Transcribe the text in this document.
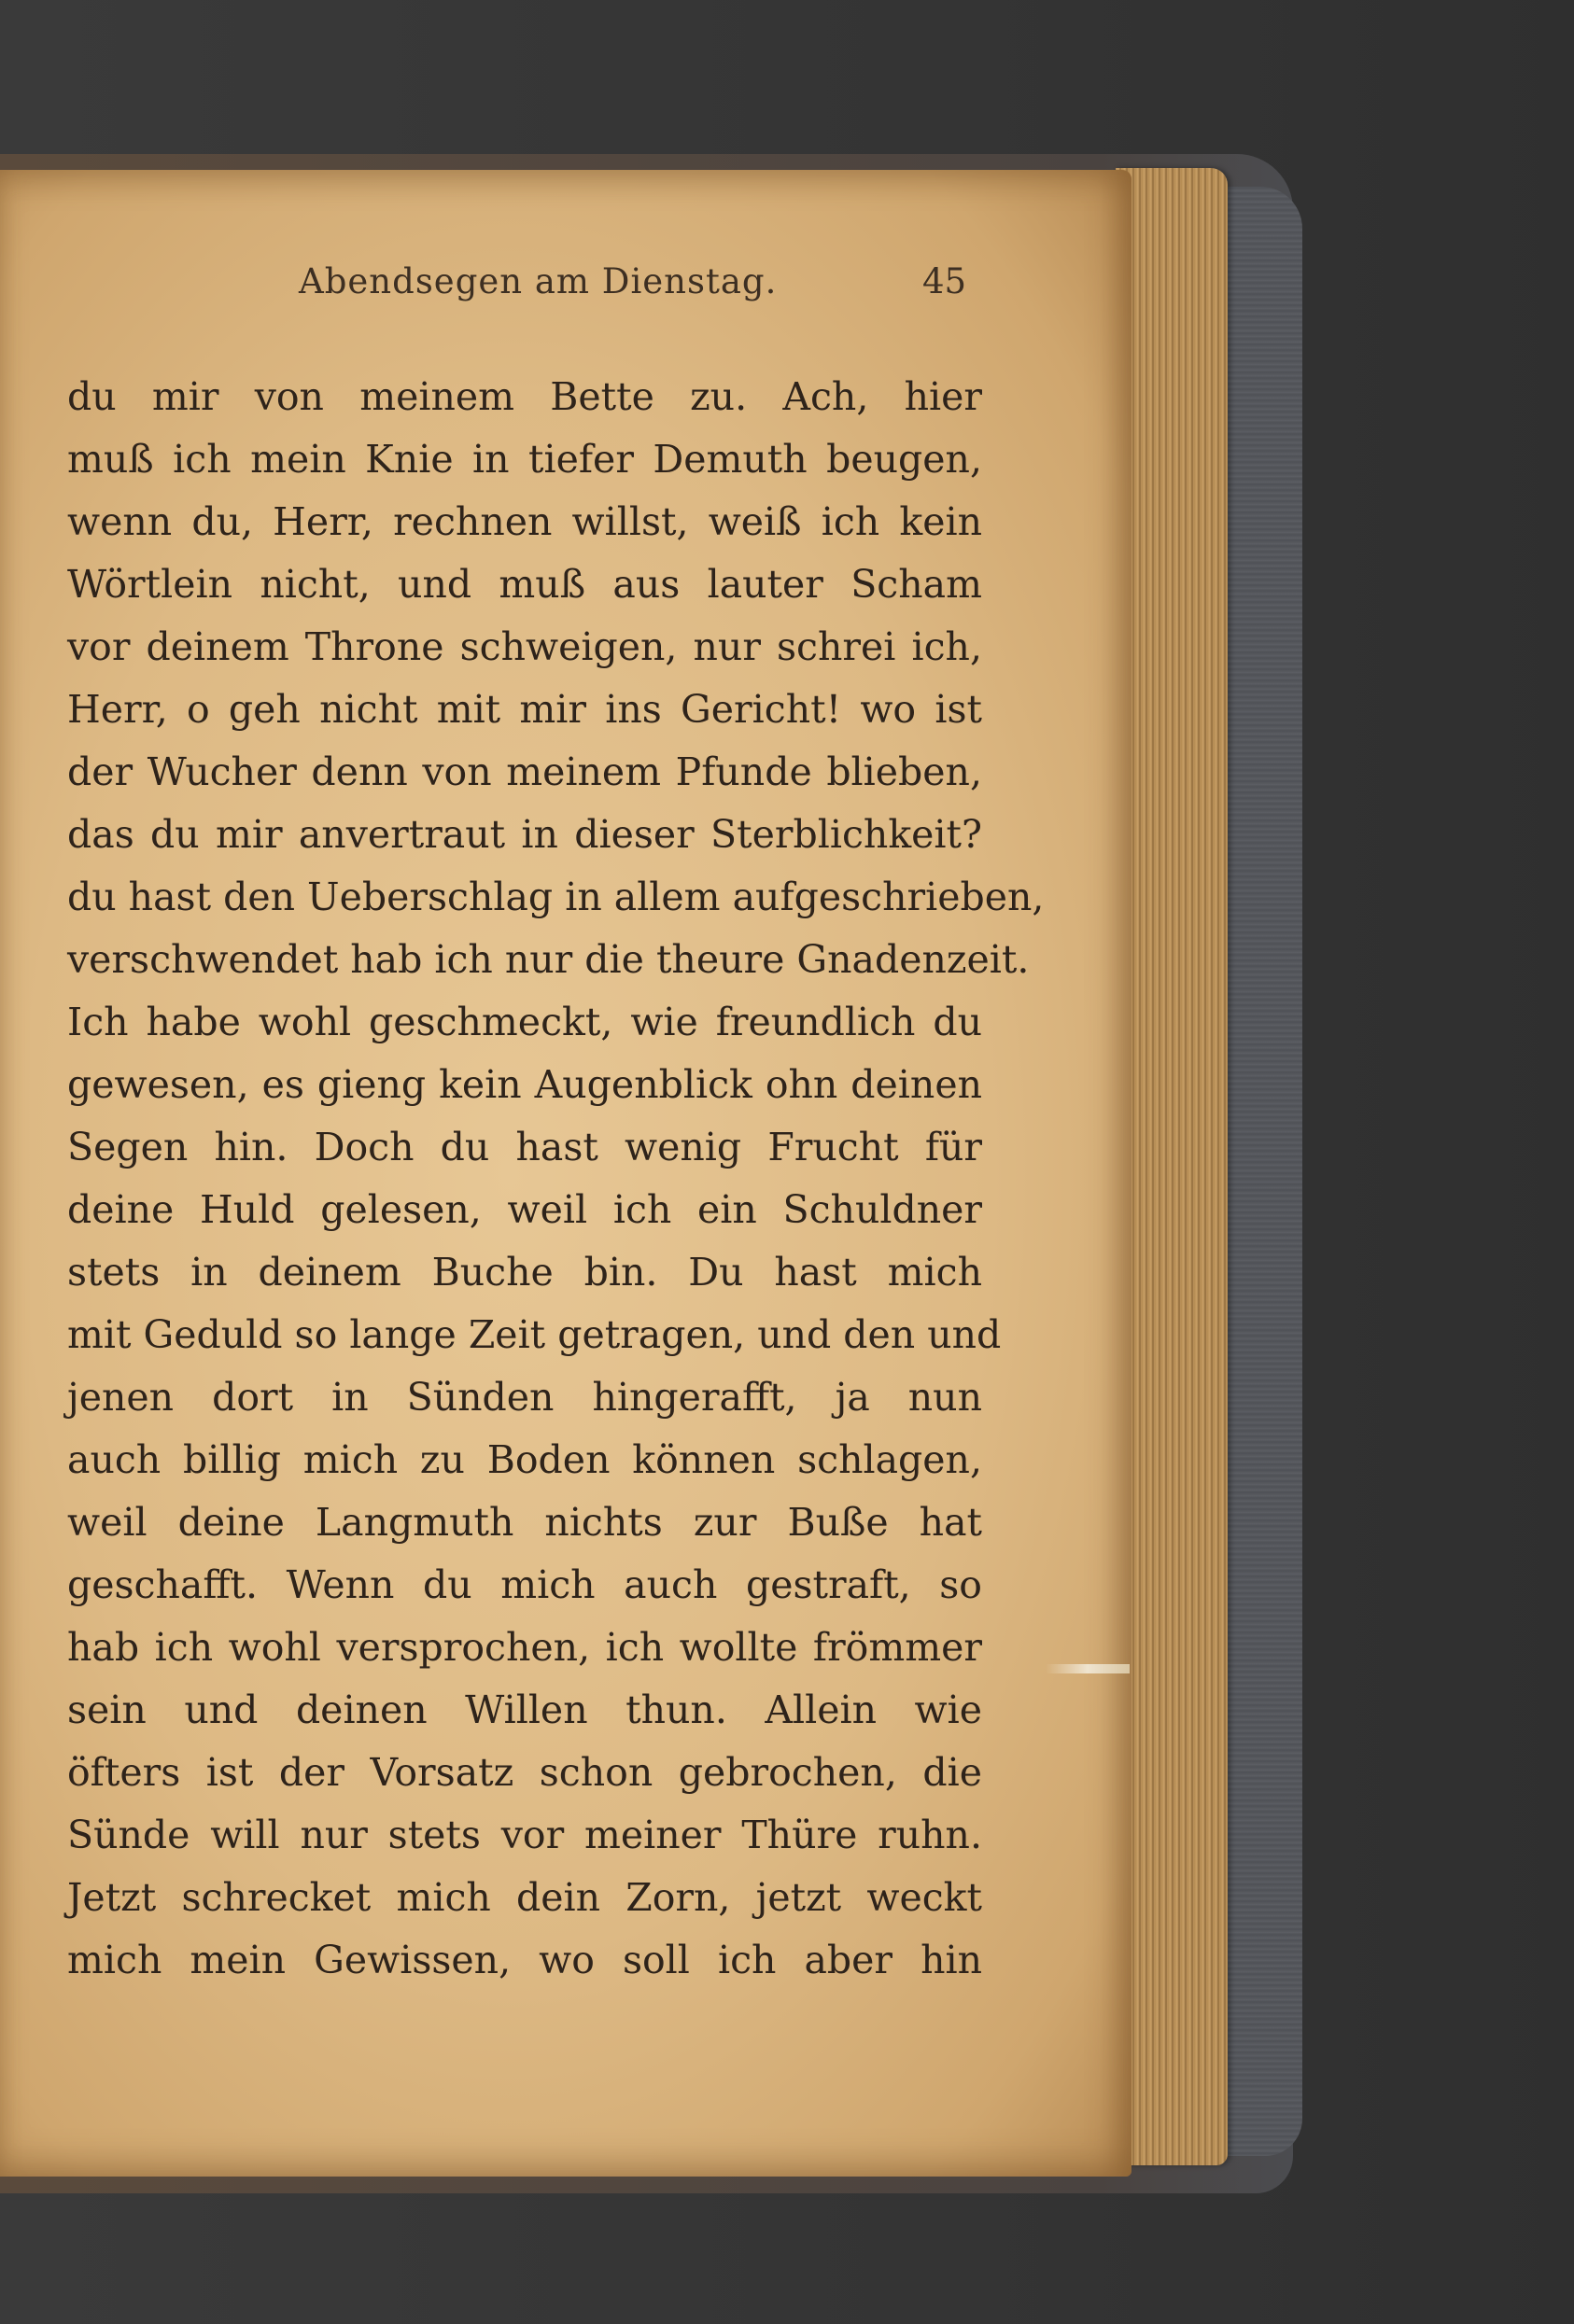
Abendsegen am Dienstag.	45
du mir von meinem Bette zu. Ach, hier
muß ich mein Knie in tiefer Demuth beugen,
wenn du, Herr, rechnen willst, weiß ich kein
Wörtlein nicht, und muß aus lauter Scham
vor deinem Throne schweigen, nur schrei ich,
Herr, o geh nicht mit mir ins Gericht! wo ist
der Wucher denn von meinem Pfunde blieben,
das du mir anvertraut in dieser Sterblichkeit?
du hast den Ueberschlag in allem aufgeschrieben,
verschwendet hab ich nur die theure Gnadenzeit.
Ich habe wohl geschmeckt, wie freundlich du
gewesen, es gieng kein Augenblick ohn deinen
Segen hin. Doch du hast wenig Frucht für
deine Huld gelesen, weil ich ein Schuldner
stets in deinem Buche bin. Du hast mich
mit Geduld so lange Zeit getragen, und den und
jenen dort in Sünden hingerafft, ja nun
auch billig mich zu Boden können schlagen,
weil deine Langmuth nichts zur Buße hat
geschafft. Wenn du mich auch gestraft, so
hab ich wohl versprochen, ich wollte frömmer
sein und deinen Willen thun. Allein wie
öfters ist der Vorsatz schon gebrochen, die
Sünde will nur stets vor meiner Thüre ruhn.
Jetzt schrecket mich dein Zorn, jetzt weckt
mich mein Gewissen, wo soll ich aber hin
